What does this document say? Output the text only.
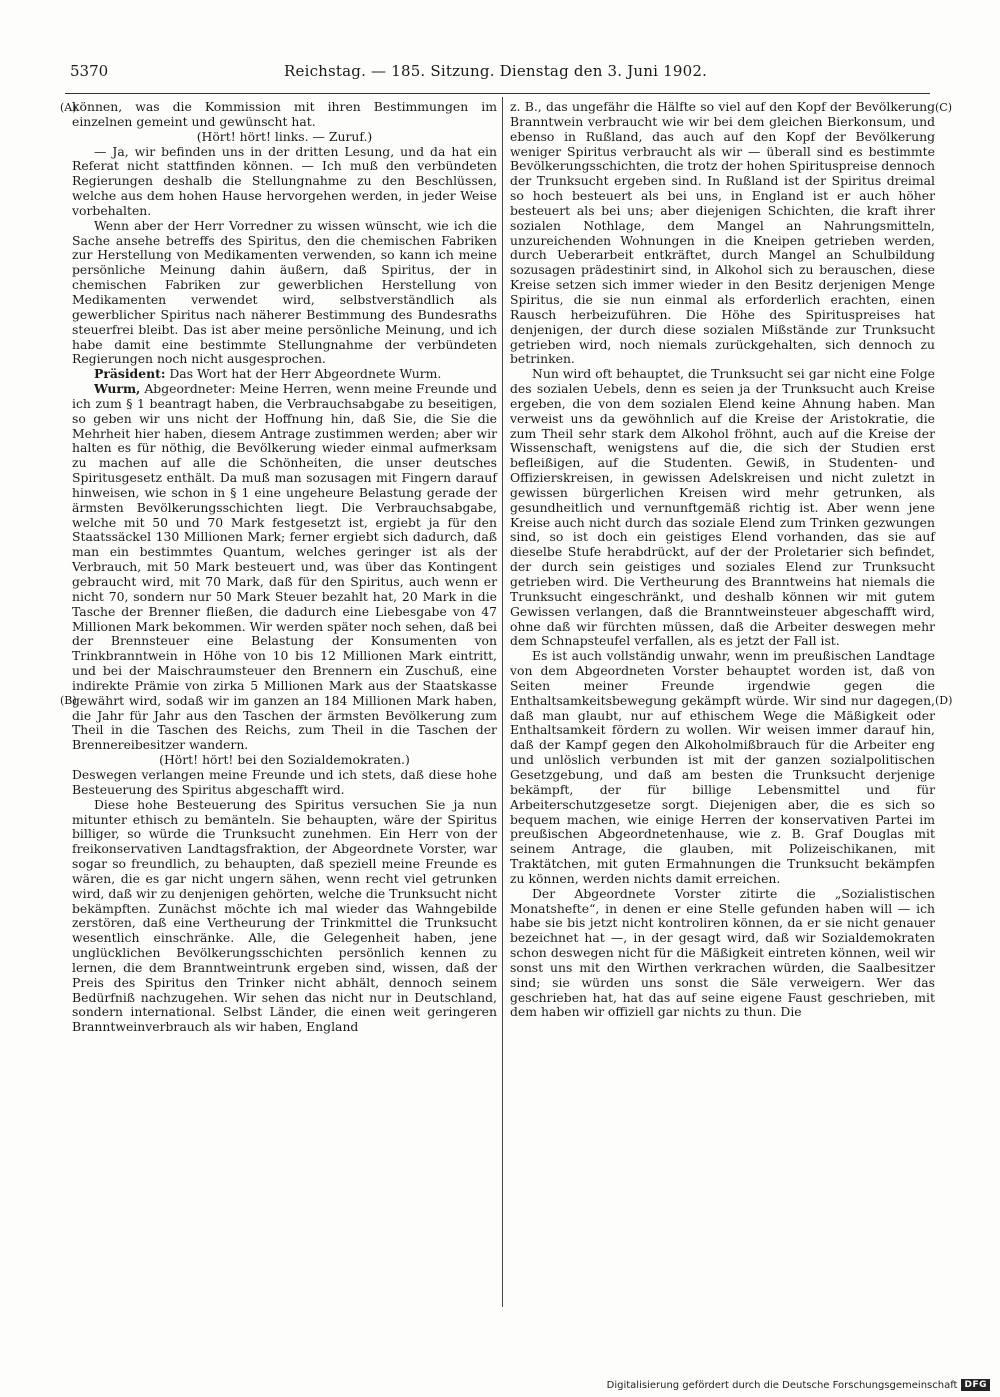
5370	Reichstag. — 185. Sitzung. Dienstag den 3. Juni 1902.
(A)
(B)
(C)
(D)

können, was die Kommission mit ihren Bestimmungen im einzelnen gemeint und gewünscht hat.

(Hört! hört! links. — Zuruf.)

— Ja, wir befinden uns in der dritten Lesung, und da hat ein Referat nicht stattfinden können. — Ich muß den verbündeten Regierungen deshalb die Stellungnahme zu den Beschlüssen, welche aus dem hohen Hause hervorgehen werden, in jeder Weise vorbehalten.

Wenn aber der Herr Vorredner zu wissen wünscht, wie ich die Sache ansehe betreffs des Spiritus, den die chemischen Fabriken zur Herstellung von Medikamenten verwenden, so kann ich meine persönliche Meinung dahin äußern, daß Spiritus, der in chemischen Fabriken zur gewerblichen Herstellung von Medikamenten verwendet wird, selbstverständlich als gewerblicher Spiritus nach näherer Bestimmung des Bundesraths steuerfrei bleibt. Das ist aber meine persönliche Meinung, und ich habe damit eine bestimmte Stellungnahme der verbündeten Regierungen noch nicht ausgesprochen.

Präsident: Das Wort hat der Herr Abgeordnete Wurm.

Wurm, Abgeordneter: Meine Herren, wenn meine Freunde und ich zum § 1 beantragt haben, die Verbrauchsabgabe zu beseitigen, so geben wir uns nicht der Hoffnung hin, daß Sie, die Sie die Mehrheit hier haben, diesem Antrage zustimmen werden; aber wir halten es für nöthig, die Bevölkerung wieder einmal aufmerksam zu machen auf alle die Schönheiten, die unser deutsches Spiritusgesetz enthält. Da muß man sozusagen mit Fingern darauf hinweisen, wie schon in § 1 eine ungeheure Belastung gerade der ärmsten Bevölkerungsschichten liegt. Die Verbrauchsabgabe, welche mit 50 und 70 Mark festgesetzt ist, ergiebt ja für den Staatssäckel 130 Millionen Mark; ferner ergiebt sich dadurch, daß man ein bestimmtes Quantum, welches geringer ist als der Verbrauch, mit 50 Mark besteuert und, was über das Kontingent gebraucht wird, mit 70 Mark, daß für den Spiritus, auch wenn er nicht 70, sondern nur 50 Mark Steuer bezahlt hat, 20 Mark in die Tasche der Brenner fließen, die dadurch eine Liebesgabe von 47 Millionen Mark bekommen. Wir werden später noch sehen, daß bei der Brennsteuer eine Belastung der Konsumenten von Trinkbranntwein in Höhe von 10 bis 12 Millionen Mark eintritt, und bei der Maischraumsteuer den Brennern ein Zuschuß, eine indirekte Prämie von zirka 5 Millionen Mark aus der Staatskasse gewährt wird, sodaß wir im ganzen an 184 Millionen Mark haben, die Jahr für Jahr aus den Taschen der ärmsten Bevölkerung zum Theil in die Taschen des Reichs, zum Theil in die Taschen der Brennereibesitzer wandern.

(Hört! hört! bei den Sozialdemokraten.)

Deswegen verlangen meine Freunde und ich stets, daß diese hohe Besteuerung des Spiritus abgeschafft wird.

Diese hohe Besteuerung des Spiritus versuchen Sie ja nun mitunter ethisch zu bemänteln. Sie behaupten, wäre der Spiritus billiger, so würde die Trunksucht zunehmen. Ein Herr von der freikonservativen Landtagsfraktion, der Abgeordnete Vorster, war sogar so freundlich, zu behaupten, daß speziell meine Freunde es wären, die es gar nicht ungern sähen, wenn recht viel getrunken wird, daß wir zu denjenigen gehörten, welche die Trunksucht nicht bekämpften. Zunächst möchte ich mal wieder das Wahngebilde zerstören, daß eine Vertheurung der Trinkmittel die Trunksucht wesentlich einschränke. Alle, die Gelegenheit haben, jene unglücklichen Bevölkerungsschichten persönlich kennen zu lernen, die dem Branntweintrunk ergeben sind, wissen, daß der Preis des Spiritus den Trinker nicht abhält, dennoch seinem Bedürfniß nachzugehen. Wir sehen das nicht nur in Deutschland, sondern international. Selbst Länder, die einen weit geringeren Branntweinverbrauch als wir haben, England

z. B., das ungefähr die Hälfte so viel auf den Kopf der Bevölkerung Branntwein verbraucht wie wir bei dem gleichen Bierkonsum, und ebenso in Rußland, das auch auf den Kopf der Bevölkerung weniger Spiritus verbraucht als wir — überall sind es bestimmte Bevölkerungsschichten, die trotz der hohen Spirituspreise dennoch der Trunksucht ergeben sind. In Rußland ist der Spiritus dreimal so hoch besteuert als bei uns, in England ist er auch höher besteuert als bei uns; aber diejenigen Schichten, die kraft ihrer sozialen Nothlage, dem Mangel an Nahrungsmitteln, unzureichenden Wohnungen in die Kneipen getrieben werden, durch Ueberarbeit entkräftet, durch Mangel an Schulbildung sozusagen prädestinirt sind, in Alkohol sich zu berauschen, diese Kreise setzen sich immer wieder in den Besitz derjenigen Menge Spiritus, die sie nun einmal als erforderlich erachten, einen Rausch herbeizuführen. Die Höhe des Spirituspreises hat denjenigen, der durch diese sozialen Mißstände zur Trunksucht getrieben wird, noch niemals zurückgehalten, sich dennoch zu betrinken.

Nun wird oft behauptet, die Trunksucht sei gar nicht eine Folge des sozialen Uebels, denn es seien ja der Trunksucht auch Kreise ergeben, die von dem sozialen Elend keine Ahnung haben. Man verweist uns da gewöhnlich auf die Kreise der Aristokratie, die zum Theil sehr stark dem Alkohol fröhnt, auch auf die Kreise der Wissenschaft, wenigstens auf die, die sich der Studien erst befleißigen, auf die Studenten. Gewiß, in Studenten- und Offizierskreisen, in gewissen Adelskreisen und nicht zuletzt in gewissen bürgerlichen Kreisen wird mehr getrunken, als gesundheitlich und vernunftgemäß richtig ist. Aber wenn jene Kreise auch nicht durch das soziale Elend zum Trinken gezwungen sind, so ist doch ein geistiges Elend vorhanden, das sie auf dieselbe Stufe herabdrückt, auf der der Proletarier sich befindet, der durch sein geistiges und soziales Elend zur Trunksucht getrieben wird. Die Vertheurung des Branntweins hat niemals die Trunksucht eingeschränkt, und deshalb können wir mit gutem Gewissen verlangen, daß die Branntweinsteuer abgeschafft wird, ohne daß wir fürchten müssen, daß die Arbeiter deswegen mehr dem Schnapsteufel verfallen, als es jetzt der Fall ist.

Es ist auch vollständig unwahr, wenn im preußischen Landtage von dem Abgeordneten Vorster behauptet worden ist, daß von Seiten meiner Freunde irgendwie gegen die Enthaltsamkeitsbewegung gekämpft würde. Wir sind nur dagegen, daß man glaubt, nur auf ethischem Wege die Mäßigkeit oder Enthaltsamkeit fördern zu wollen. Wir weisen immer darauf hin, daß der Kampf gegen den Alkoholmißbrauch für die Arbeiter eng und unlöslich verbunden ist mit der ganzen sozialpolitischen Gesetzgebung, und daß am besten die Trunksucht derjenige bekämpft, der für billige Lebensmittel und für Arbeiterschutzgesetze sorgt. Diejenigen aber, die es sich so bequem machen, wie einige Herren der konservativen Partei im preußischen Abgeordnetenhause, wie z. B. Graf Douglas mit seinem Antrage, die glauben, mit Polizeischikanen, mit Traktätchen, mit guten Ermahnungen die Trunksucht bekämpfen zu können, werden nichts damit erreichen.

Der Abgeordnete Vorster zitirte die „Sozialistischen Monatshefte“, in denen er eine Stelle gefunden haben will — ich habe sie bis jetzt nicht kontroliren können, da er sie nicht genauer bezeichnet hat —, in der gesagt wird, daß wir Sozialdemokraten schon deswegen nicht für die Mäßigkeit eintreten können, weil wir sonst uns mit den Wirthen verkrachen würden, die Saalbesitzer sind; sie würden uns sonst die Säle verweigern. Wer das geschrieben hat, hat das auf seine eigene Faust geschrieben, mit dem haben wir offiziell gar nichts zu thun. Die

Digitalisierung gefördert durch die Deutsche Forschungsgemeinschaft DFG
